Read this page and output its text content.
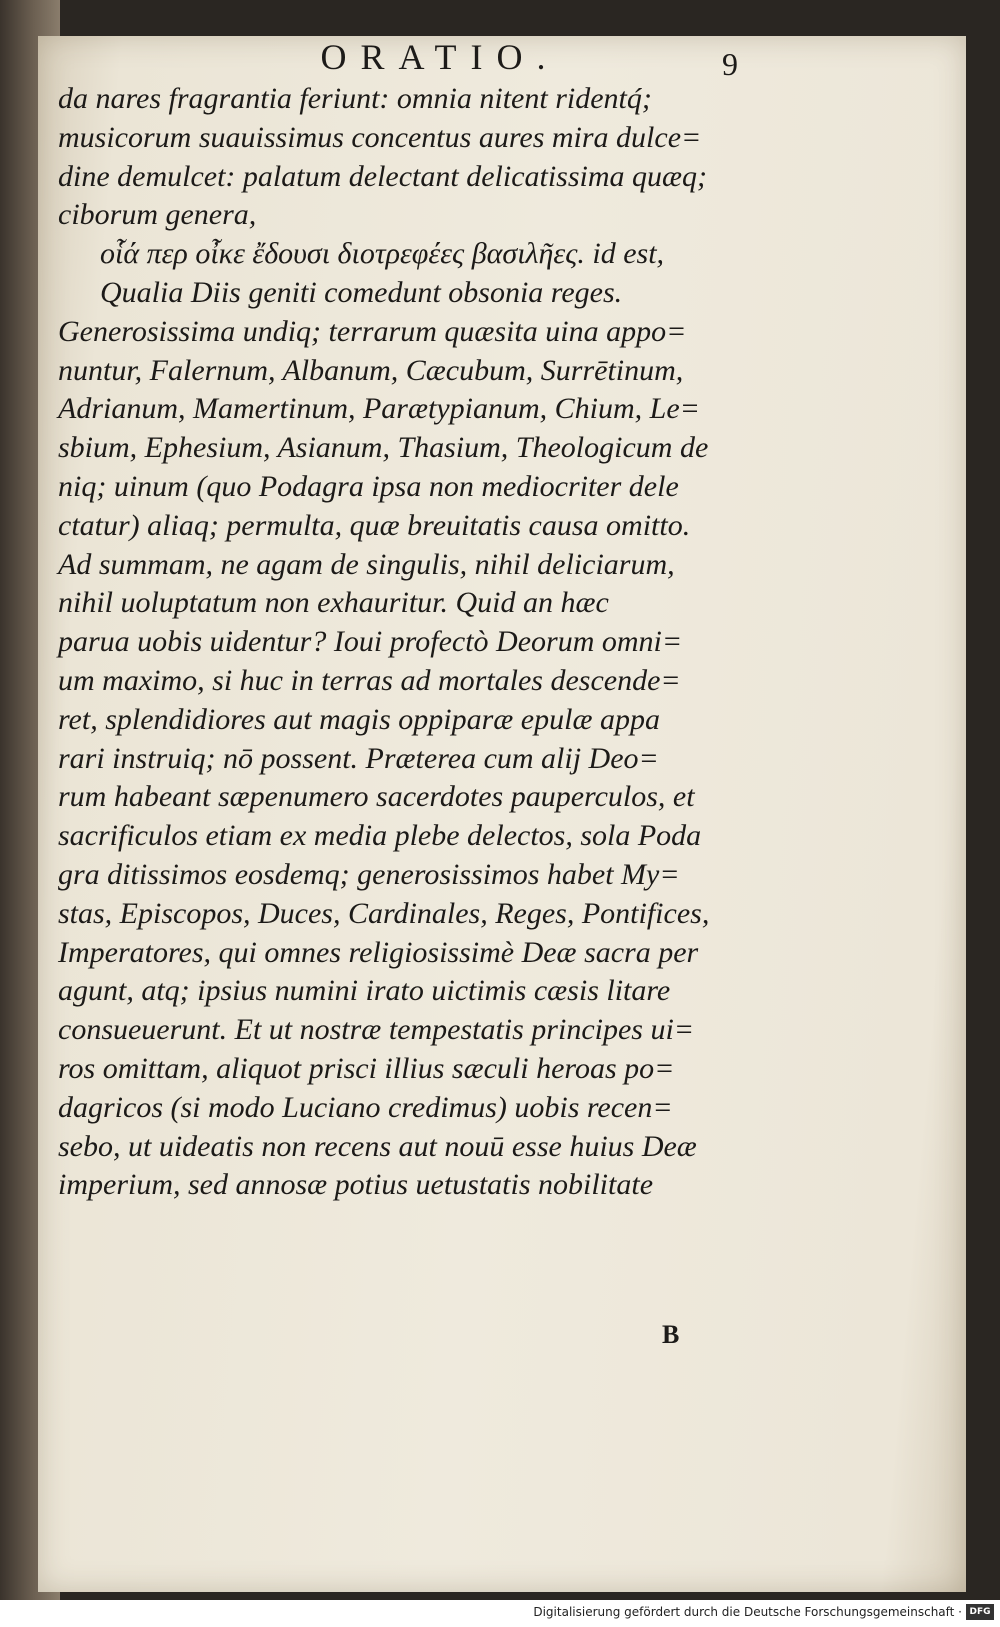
ORATIO.	9
da nares fragrantia feriunt: omnia nitent ridentq́;
musicorum suauissimus concentus aures mira dulce=
dine demulcet: palatum delectant delicatissima quæq;
ciborum genera,
οἷά περ οἶκε ἔδουσι διοτρεφέες βασιλῆες. id est,
Qualia Diis geniti comedunt obsonia reges.
Generosissima undiq; terrarum quæsita uina appo=
nuntur, Falernum, Albanum, Cæcubum, Surrētinum,
Adrianum, Mamertinum, Parætypianum, Chium, Le=
sbium, Ephesium, Asianum, Thasium, Theologicum de
niq; uinum (quo Podagra ipsa non mediocriter dele
ctatur) aliaq; permulta, quæ breuitatis causa omitto.
Ad summam, ne agam de singulis, nihil deliciarum,
nihil uoluptatum non exhauritur. Quid an hæc
parua uobis uidentur? Ioui profectò Deorum omni=
um maximo, si huc in terras ad mortales descende=
ret, splendidiores aut magis oppiparæ epulæ appa
rari instruiq; nō possent. Præterea cum alij Deo=
rum habeant sæpenumero sacerdotes pauperculos, et
sacrificulos etiam ex media plebe delectos, sola Poda
gra ditissimos eosdemq; generosissimos habet My=
stas, Episcopos, Duces, Cardinales, Reges, Pontifices,
Imperatores, qui omnes religiosissimè Deæ sacra per
agunt, atq; ipsius numini irato uictimis cæsis litare
consueuerunt. Et ut nostræ tempestatis principes ui=
ros omittam, aliquot prisci illius sæculi heroas po=
dagricos (si modo Luciano credimus) uobis recen=
sebo, ut uideatis non recens aut nouū esse huius Deæ
imperium, sed annosæ potius uetustatis nobilitate
B
Digitalisierung gefördert durch die Deutsche Forschungsgemeinschaft · DFG
